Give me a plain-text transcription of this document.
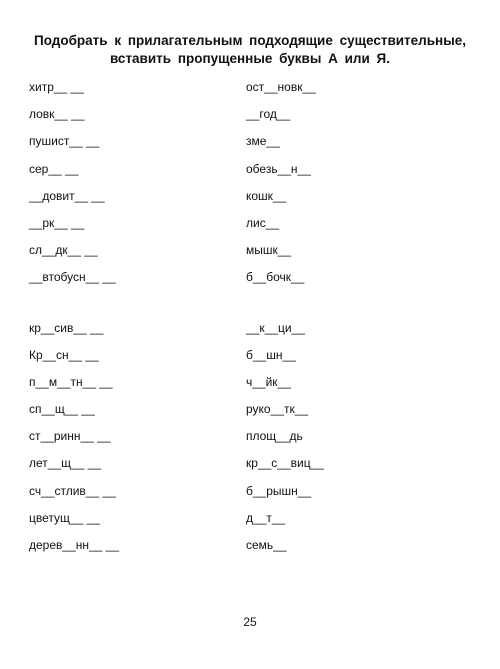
Подобрать к прилагательным подходящие существительные,
вставить пропущенные буквы А или Я.
хитр__ __
ловк__ __
пушист__ __
сер__ __
__довит__ __
__рк__ __
сл__дк__ __
__втобусн__ __
кр__сив__ __
Кр__сн__ __
п__м__тн__ __
сп__щ__ __
ст__ринн__ __
лет__щ__ __
сч__стлив__ __
цветущ__ __
дерев__нн__ __
ост__новк__
__год__
зме__
обезь__н__
кошк__
лис__
мышк__
б__бочк__
__к__ци__
б__шн__
ч__йк__
руко__тк__
площ__дь
кр__с__виц__
б__рышн__
д__т__
семь__
25
